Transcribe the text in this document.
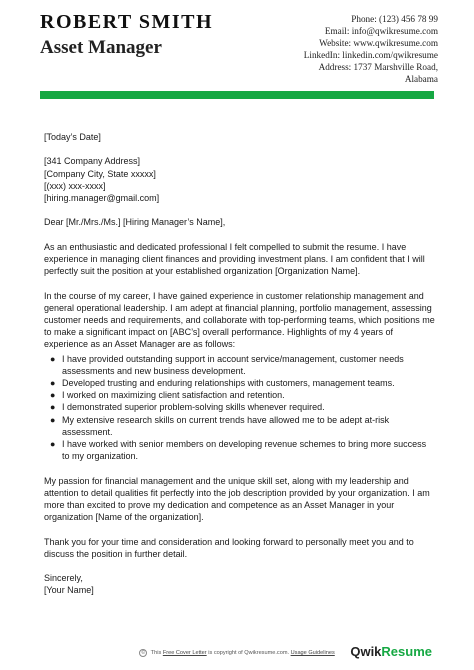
ROBERT SMITH
Asset Manager
Phone: (123) 456 78 99
Email: info@qwikresume.com
Website: www.qwikresume.com
LinkedIn: linkedin.com/qwikresume
Address: 1737 Marshville Road,
Alabama

[Today’s Date]

[341 Company Address]
[Company City, State xxxxx]
[(xxx) xxx-xxxx]
[hiring.manager@gmail.com]

Dear [Mr./Mrs./Ms.] [Hiring Manager’s Name],

As an enthusiastic and dedicated professional I felt compelled to submit the resume. I have experience in managing client finances and providing investment plans. I am confident that I will perfectly suit the position at your established organization [Organization Name].

In the course of my career, I have gained experience in customer relationship management and general operational leadership. I am adept at financial planning, portfolio management, assessing customer needs and requirements, and collaborate with top-performing teams, which positions me to make a significant impact on [ABC’s] overall performance. Highlights of my 4 years of experience as an Asset Manager are as follows:

● I have provided outstanding support in account service/management, customer needs assessments and new business development.
● Developed trusting and enduring relationships with customers, management teams.
● I worked on maximizing client satisfaction and retention.
● I demonstrated superior problem-solving skills whenever required.
● My extensive research skills on current trends have allowed me to be adept at-risk assessment.
● I have worked with senior members on developing revenue schemes to bring more success to my organization.

My passion for financial management and the unique skill set, along with my leadership and attention to detail qualities fit perfectly into the job description provided by your organization. I am more than excited to prove my dedication and competence as an Asset Manager in your organization [Name of the organization].

Thank you for your time and consideration and looking forward to personally meet you and to discuss the position in further detail.

Sincerely,
[Your Name]

© This Free Cover Letter is copyright of Qwikresume.com. Usage Guidelines	QwikResume
